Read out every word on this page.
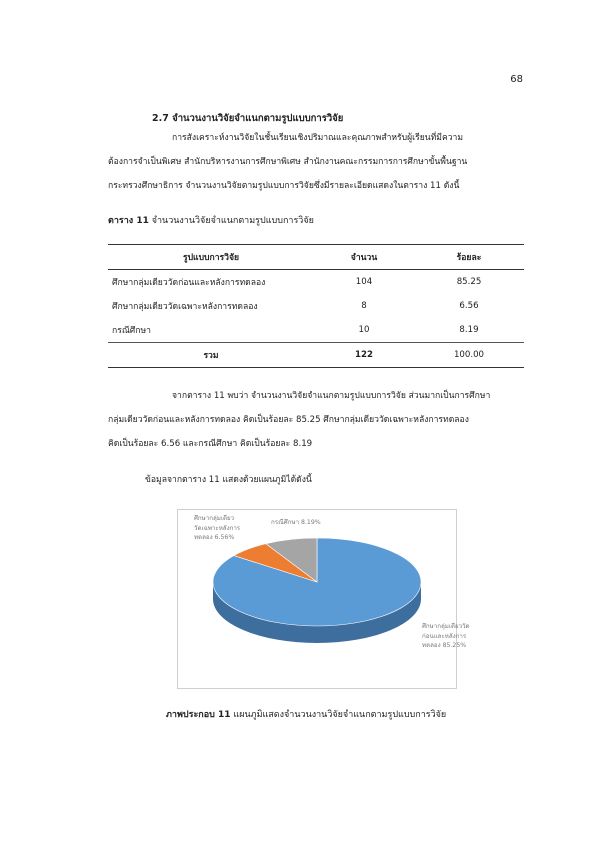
68
2.7 จำนวนงานวิจัยจำแนกตามรูปแบบการวิจัย
การสังเคราะห์งานวิจัยในชั้นเรียนเชิงปริมาณและคุณภาพสำหรับผู้เรียนที่มีความ
ต้องการจำเป็นพิเศษ สำนักบริหารงานการศึกษาพิเศษ สำนักงานคณะกรรมการการศึกษาขั้นพื้นฐาน
กระทรวงศึกษาธิการ จำนวนงานวิจัยตามรูปแบบการวิจัยซึ่งมีรายละเอียดแสดงในตาราง 11 ดังนี้
ตาราง 11 จำนวนงานวิจัยจำแนกตามรูปแบบการวิจัย
รูปแบบการวิจัย	จำนวน	ร้อยละ
ศึกษากลุ่มเดียววัดก่อนและหลังการทดลอง	104	85.25
ศึกษากลุ่มเดียววัดเฉพาะหลังการทดลอง	8	6.56
กรณีศึกษา	10	8.19
รวม	122	100.00
จากตาราง 11 พบว่า จำนวนงานวิจัยจำแนกตามรูปแบบการวิจัย ส่วนมากเป็นการศึกษา
กลุ่มเดียววัดก่อนและหลังการทดลอง คิดเป็นร้อยละ 85.25 ศึกษากลุ่มเดียววัดเฉพาะหลังการทดลอง
คิดเป็นร้อยละ 6.56 และกรณีศึกษา คิดเป็นร้อยละ 8.19
ข้อมูลจากตาราง 11 แสดงด้วยแผนภูมิได้ดังนี้
ศึกษากลุ่มเดียววัด
ก่อนและหลังการ
ทดลอง 85.25%
ศึกษากลุ่มเดียว
วัดเฉพาะหลังการ
ทดลอง 6.56%
กรณีศึกษา 8.19%
ภาพประกอบ 11 แผนภูมิแสดงจำนวนงานวิจัยจำแนกตามรูปแบบการวิจัย
